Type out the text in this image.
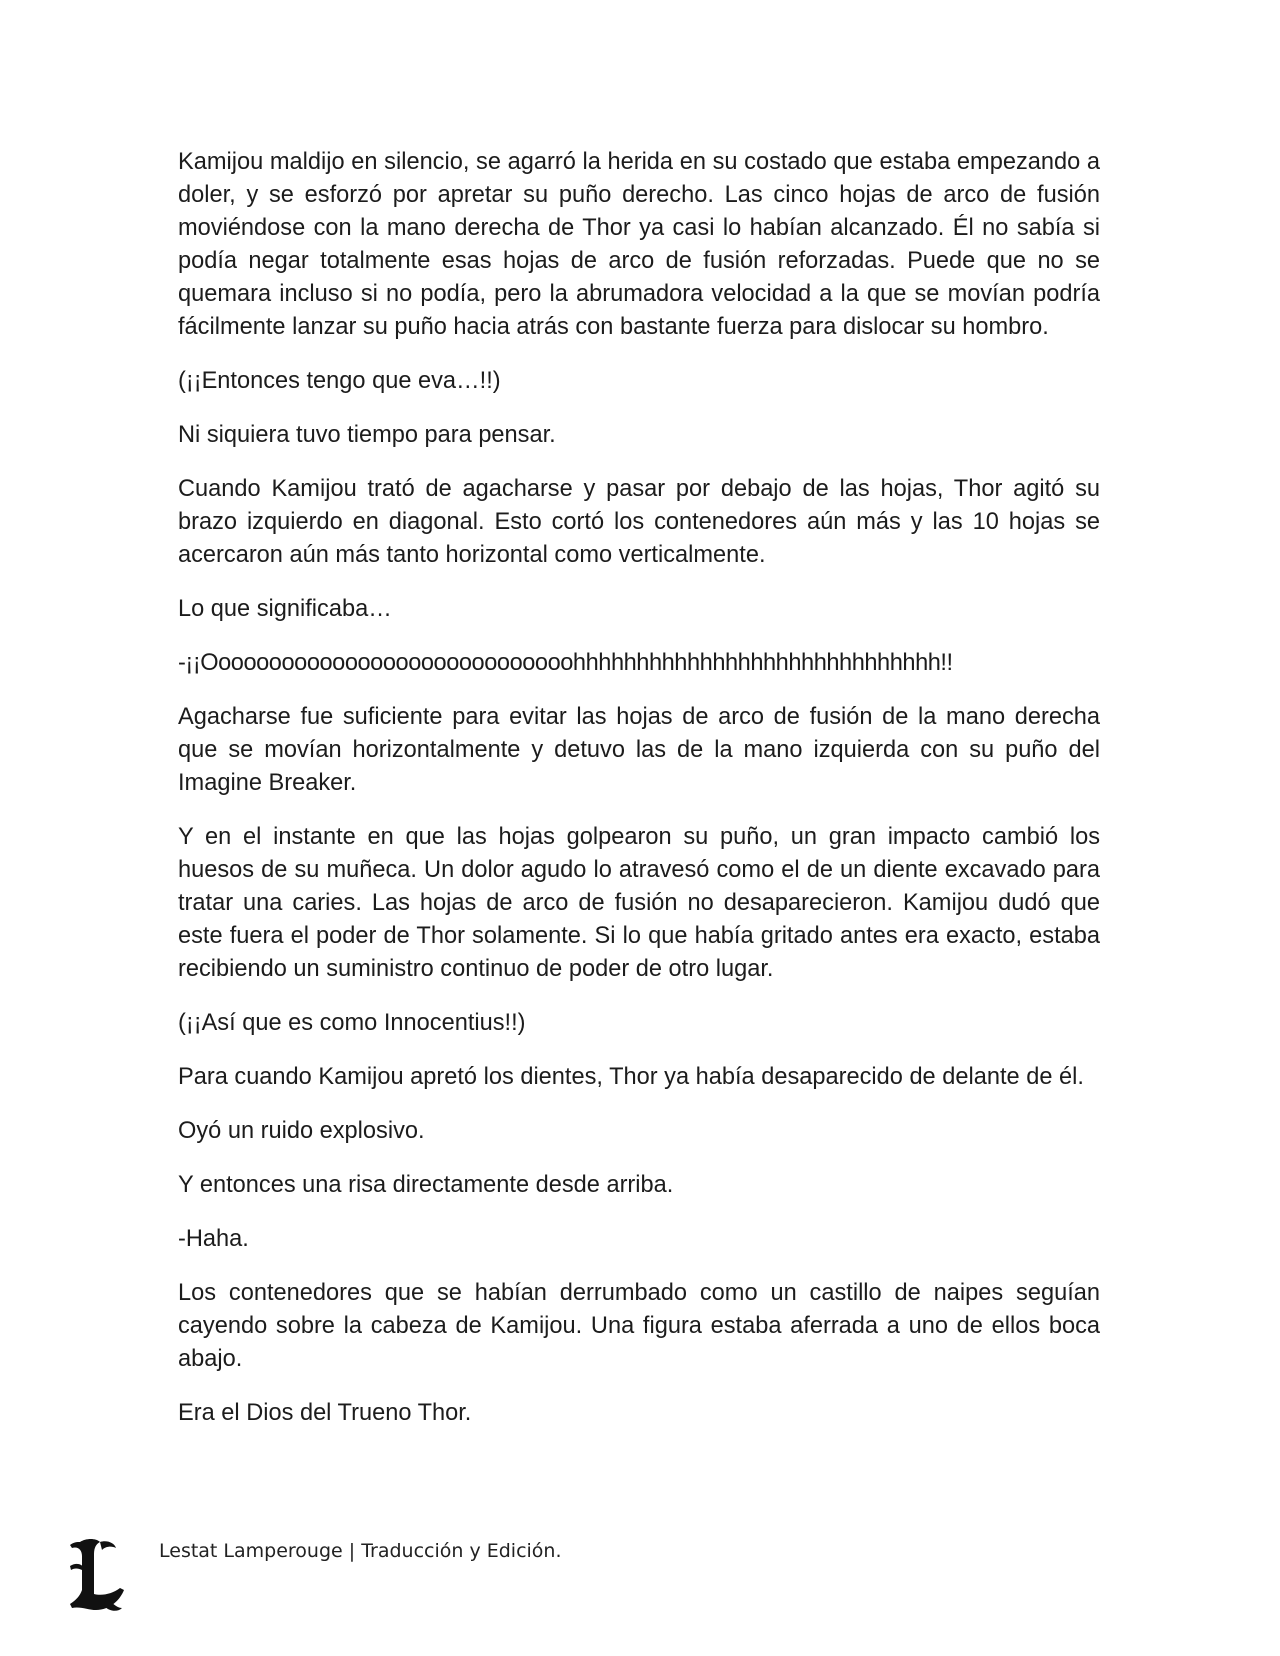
Kamijou maldijo en silencio, se agarró la herida en su costado que estaba empezando a doler, y se esforzó por apretar su puño derecho. Las cinco hojas de arco de fusión moviéndose con la mano derecha de Thor ya casi lo habían alcanzado. Él no sabía si podía negar totalmente esas hojas de arco de fusión reforzadas. Puede que no se quemara incluso si no podía, pero la abrumadora velocidad a la que se movían podría fácilmente lanzar su puño hacia atrás con bastante fuerza para dislocar su hombro.

(¡¡Entonces tengo que eva…!!)

Ni siquiera tuvo tiempo para pensar.

Cuando Kamijou trató de agacharse y pasar por debajo de las hojas, Thor agitó su brazo izquierdo en diagonal. Esto cortó los contenedores aún más y las 10 hojas se acercaron aún más tanto horizontal como verticalmente.

Lo que significaba…

-¡¡Ooooooooooooooooooooooooooooohhhhhhhhhhhhhhhhhhhhhhhhhhhhh!!

Agacharse fue suficiente para evitar las hojas de arco de fusión de la mano derecha que se movían horizontalmente y detuvo las de la mano izquierda con su puño del Imagine Breaker.

Y en el instante en que las hojas golpearon su puño, un gran impacto cambió los huesos de su muñeca. Un dolor agudo lo atravesó como el de un diente excavado para tratar una caries. Las hojas de arco de fusión no desaparecieron. Kamijou dudó que este fuera el poder de Thor solamente. Si lo que había gritado antes era exacto, estaba recibiendo un suministro continuo de poder de otro lugar.

(¡¡Así que es como Innocentius!!)

Para cuando Kamijou apretó los dientes, Thor ya había desaparecido de delante de él.

Oyó un ruido explosivo.

Y entonces una risa directamente desde arriba.

-Haha.

Los contenedores que se habían derrumbado como un castillo de naipes seguían cayendo sobre la cabeza de Kamijou. Una figura estaba aferrada a uno de ellos boca abajo.

Era el Dios del Trueno Thor.

Lestat Lamperouge | Traducción y Edición.
